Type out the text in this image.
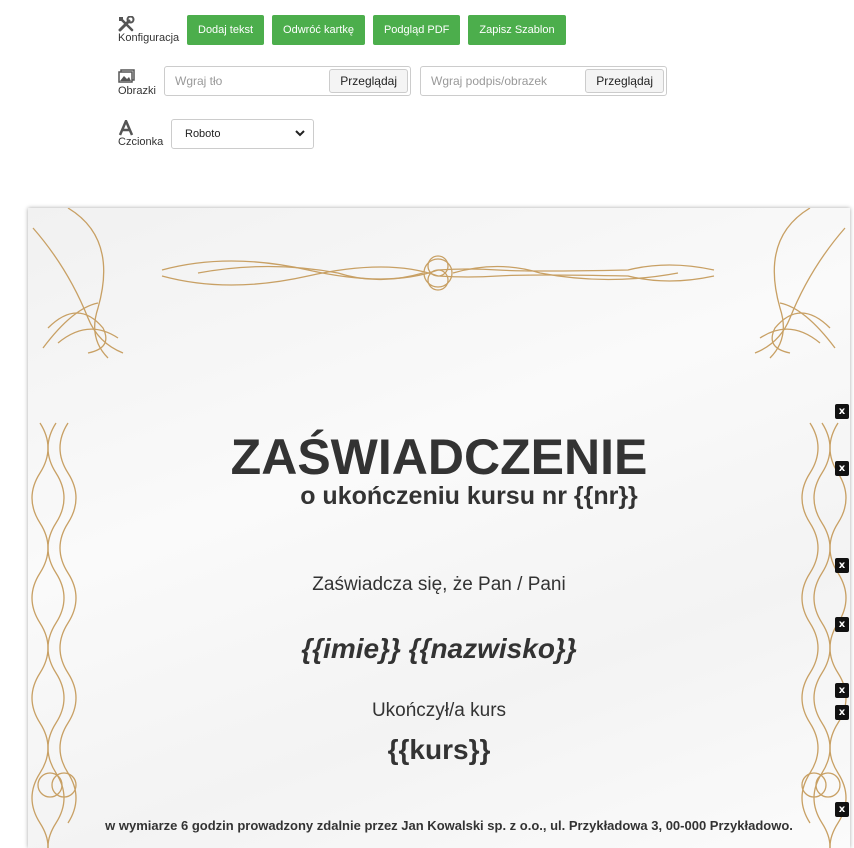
Konfiguracja
Dodaj tekst	Odwróć kartkę	Podgląd PDF	Zapisz Szablon
Obrazki
Wgraj tło	Przeglądaj	Wgraj podpis/obrazek	Przeglądaj
Czcionka
Roboto
ZAŚWIADCZENIE
o ukończeniu kursu nr {{nr}}
Zaświadcza się, że Pan / Pani
{{imie}} {{nazwisko}}
Ukończył/a kurs
{{kurs}}
w wymiarze 6 godzin prowadzony zdalnie przez Jan Kowalski sp. z o.o., ul. Przykładowa 3, 00-000 Przykładowo.
x
x
x
x
x
x
x
